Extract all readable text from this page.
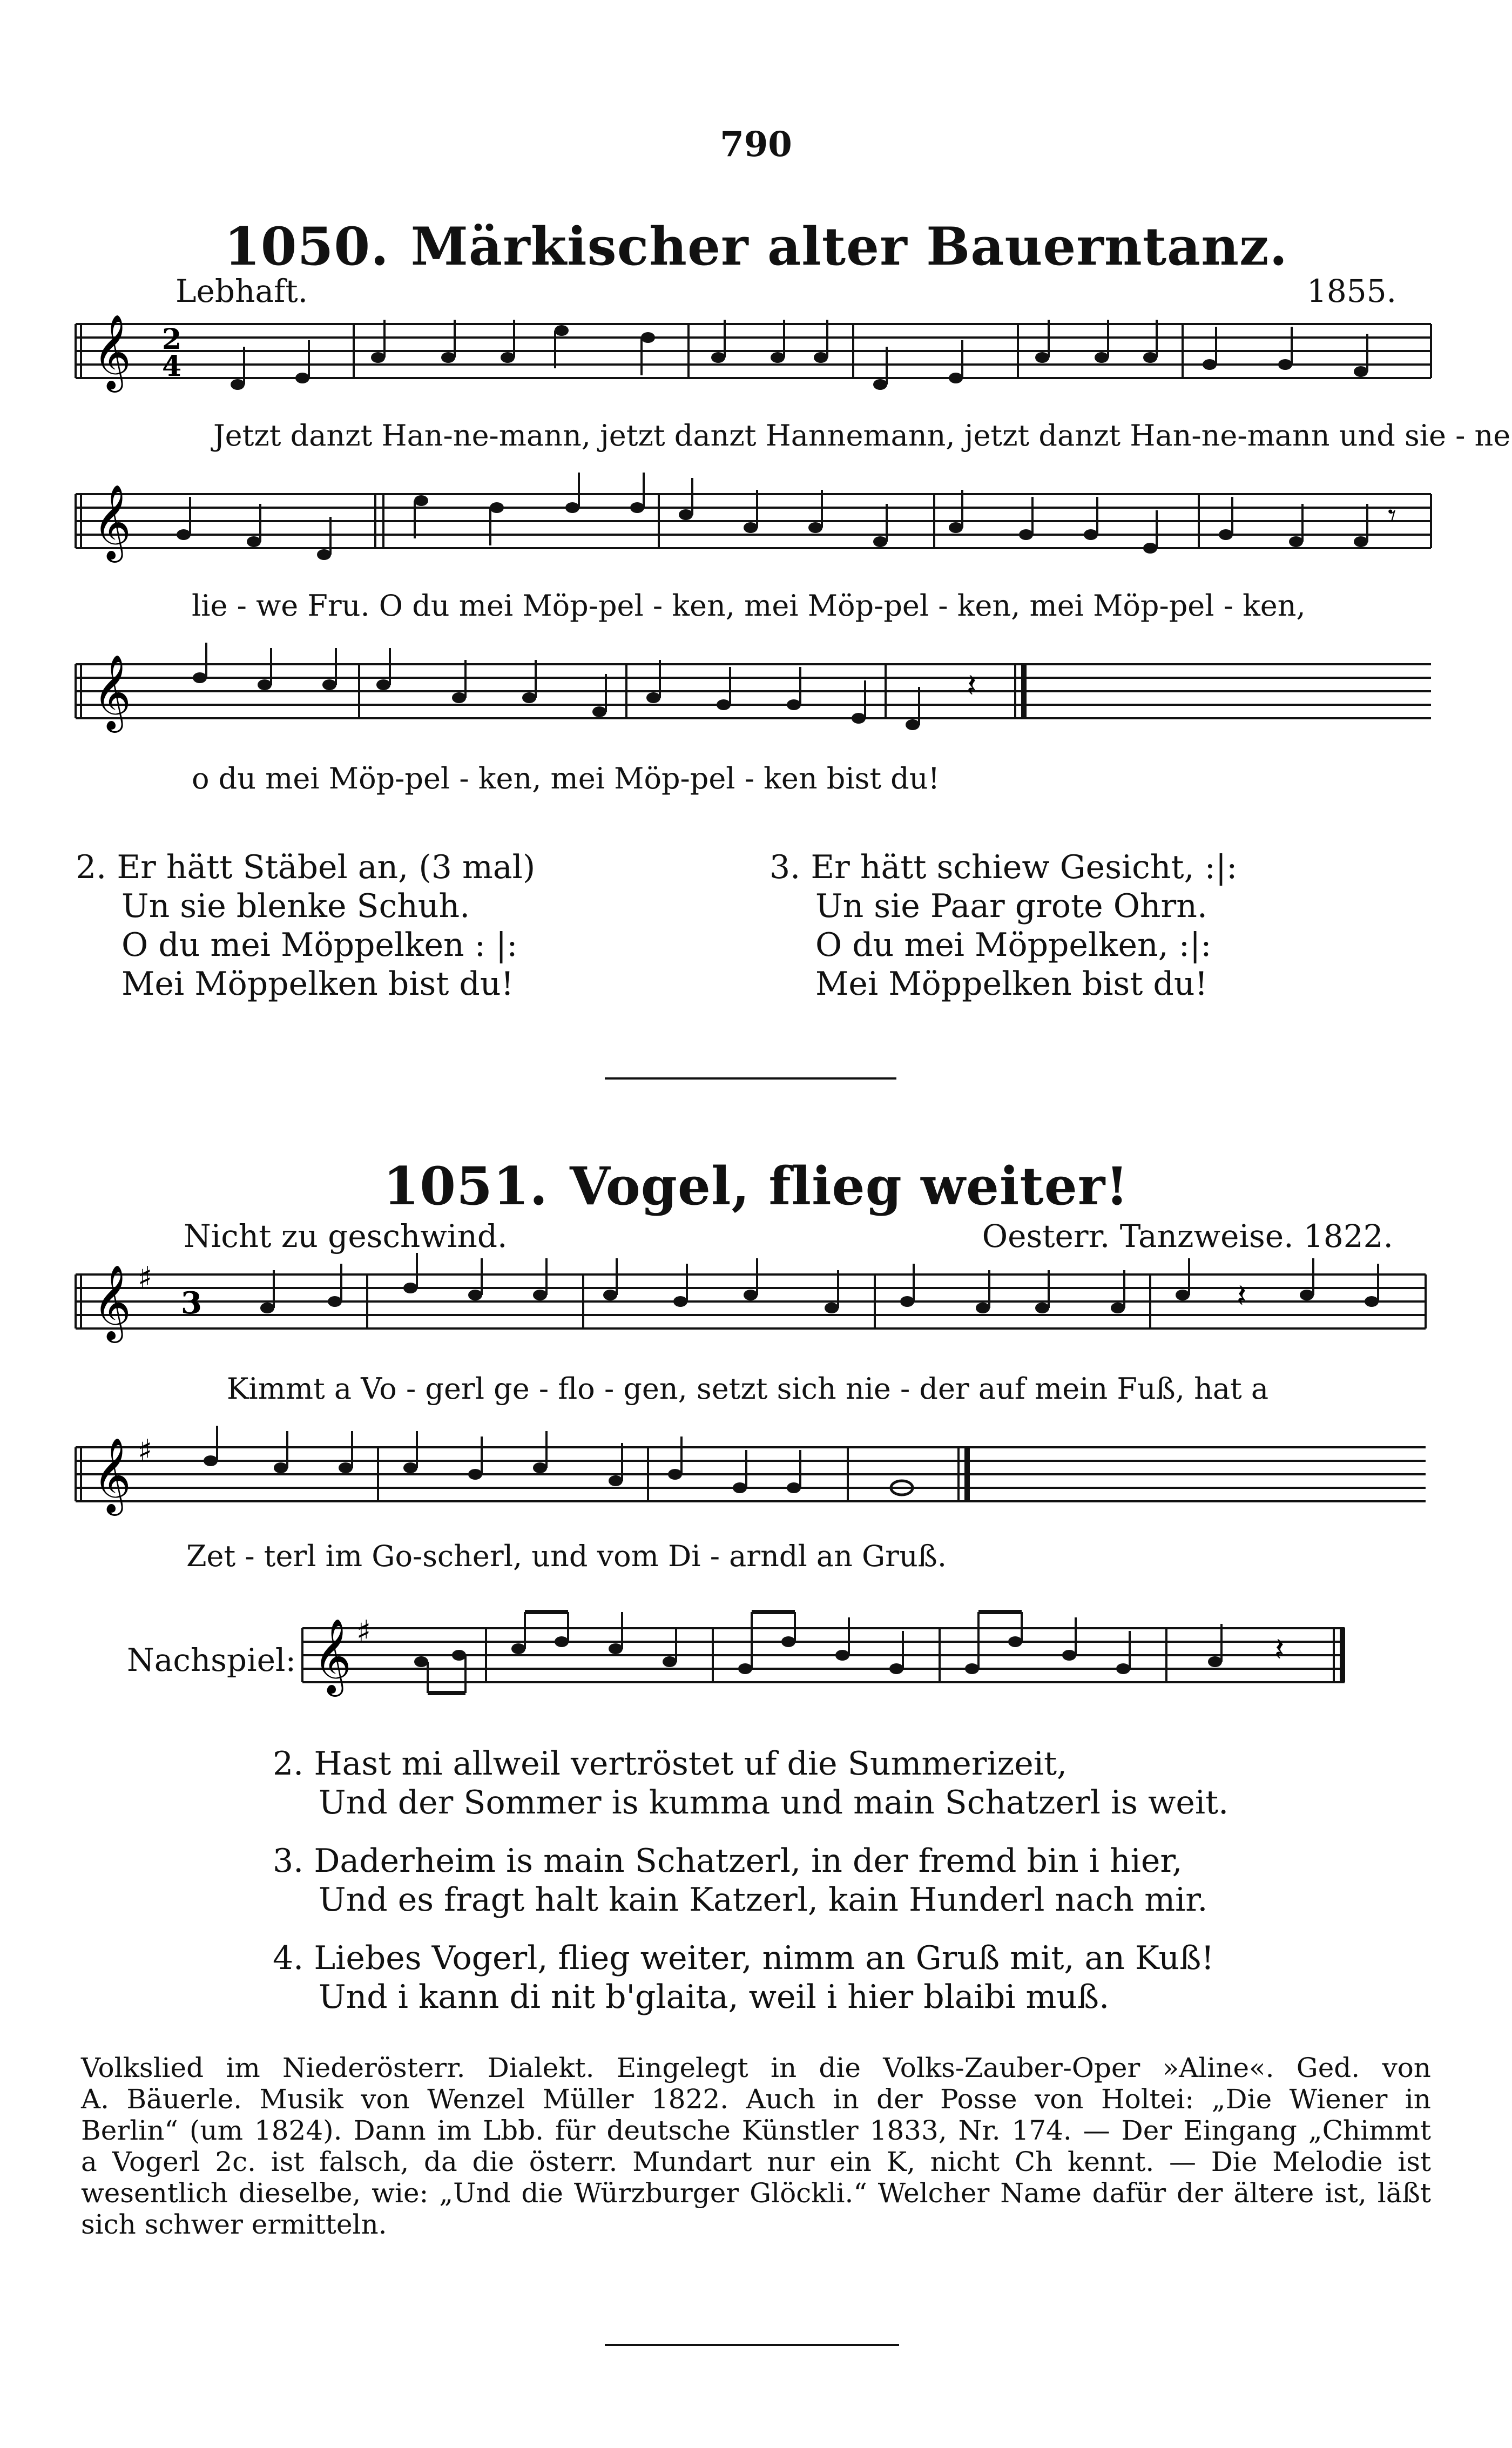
790
1050. Märkischer alter Bauerntanz.
Lebhaft.	1855.
𝄞 2
4
Jetzt danzt Han-ne-mann, jetzt danzt Hannemann, jetzt danzt Han-ne-mann und sie - ne
𝄞	𝄾
lie - we Fru. O du mei Möp-pel - ken, mei Möp-pel - ken, mei Möp-pel - ken,
𝄞	𝄽
o du mei Möp-pel - ken, mei Möp-pel - ken bist du!
2. Er hätt Stäbel an, (3 mal)
Un sie blenke Schuh.
O du mei Möppelken : |:
Mei Möppelken bist du!
3. Er hätt schiew Gesicht, :|:
Un sie Paar grote Ohrn.
O du mei Möppelken, :|:
Mei Möppelken bist du!
1051. Vogel, flieg weiter!
Nicht zu geschwind.	Oesterr. Tanzweise. 1822.
𝄞 ♯
3	𝄽
Kimmt a Vo - gerl ge - flo - gen, setzt sich nie - der auf mein Fuß, hat a
𝄞 ♯
Zet - terl im Go-scherl, und vom Di - arndl an Gruß.
Nachspiel: 𝄞 ♯	𝄽
2. Hast mi allweil vertröstet uf die Summerizeit,
Und der Sommer is kumma und main Schatzerl is weit.
3. Daderheim is main Schatzerl, in der fremd bin i hier,
Und es fragt halt kain Katzerl, kain Hunderl nach mir.
4. Liebes Vogerl, flieg weiter, nimm an Gruß mit, an Kuß!
Und i kann di nit b'glaita, weil i hier blaibi muß.
Volkslied im Niederösterr. Dialekt. Eingelegt in die Volks-Zauber-Oper »Aline«. Ged. von
A. Bäuerle. Musik von Wenzel Müller 1822. Auch in der Posse von Holtei: „Die Wiener in
Berlin“ (um 1824). Dann im Lbb. für deutsche Künstler 1833, Nr. 174. — Der Eingang „Chimmt
a Vogerl 2c. ist falsch, da die österr. Mundart nur ein K, nicht Ch kennt. — Die Melodie ist
wesentlich dieselbe, wie: „Und die Würzburger Glöckli.“ Welcher Name dafür der ältere ist, läßt
sich schwer ermitteln.
